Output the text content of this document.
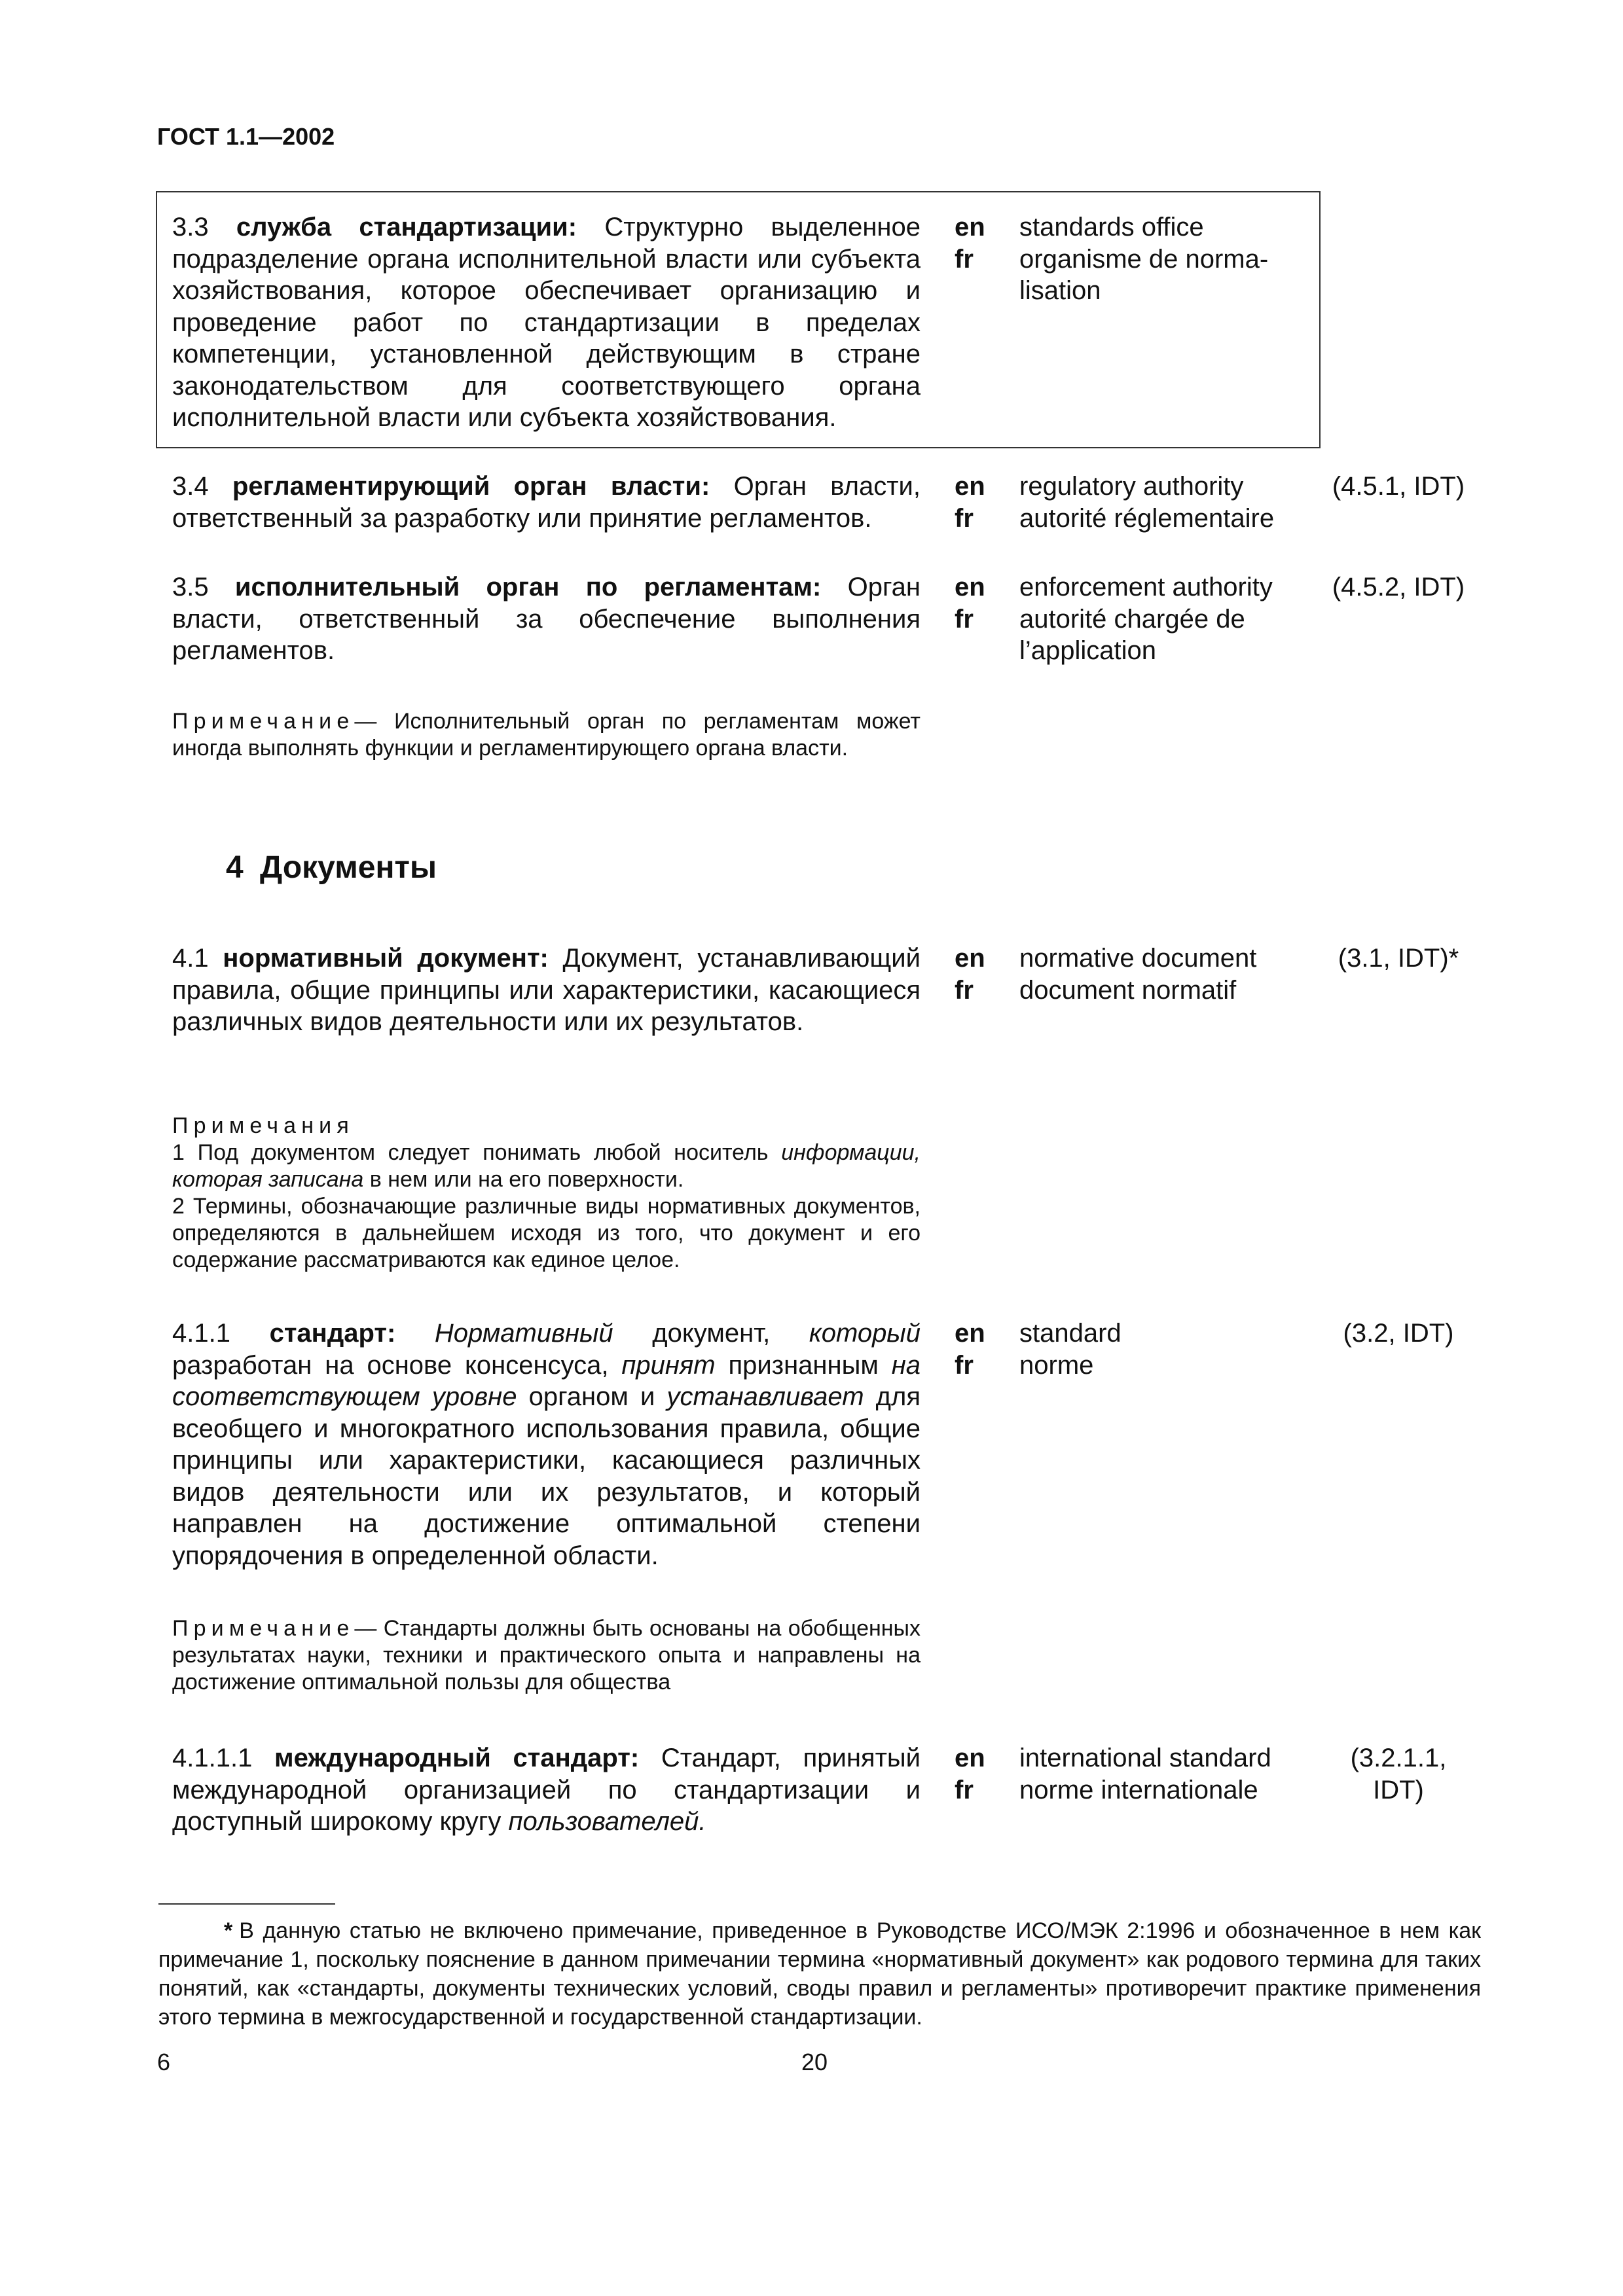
ГОСТ 1.1—2002
3.3 служба стандартизации: Структурно выделенное подразделение органа исполнительной власти или субъекта хозяйствования, которое обеспечивает организацию и проведение работ по стандартизации в пределах компетенции, установленной действующим в стране законодательством для соответствующего органа исполнительной власти или субъекта хозяйствования.
en
fr
standards office
organisme de norma-
lisation
3.4 регламентирующий орган власти: Орган власти, ответственный за разработку или принятие регламентов.
en
fr
regulatory authority
autorité réglementaire
(4.5.1, IDT)
3.5 исполнительный орган по регламентам: Орган власти, ответственный за обеспечение выполнения регламентов.
en
fr
enforcement authority
autorité chargée de
l’application
(4.5.2, IDT)
Примечание— Исполнительный орган по регламентам может иногда выполнять функции и регламентирующего органа власти.
4 Документы
4.1 нормативный документ: Документ, устанавливающий правила, общие принципы или характеристики, касающиеся различных видов деятельности или их результатов.
en
fr
normative document
document normatif
(3.1, IDT)*
Примечания
1 Под документом следует понимать любой носитель информации, которая записана в нем или на его поверхности.
2 Термины, обозначающие различные виды нормативных документов, определяются в дальнейшем исходя из того, что документ и его содержание рассматриваются как единое целое.
4.1.1 стандарт: Нормативный документ, который разработан на основе консенсуса, принят признанным на соответствующем уровне органом и устанавливает для всеобщего и многократного использования правила, общие принципы или характеристики, касающиеся различных видов деятельности или их результатов, и который направлен на достижение оптимальной степени упорядочения в определенной области.
en
fr
standard
norme
(3.2, IDT)
Примечание— Стандарты должны быть основаны на обобщенных результатах науки, техники и практического опыта и направлены на достижение оптимальной пользы для общества
4.1.1.1 международный стандарт: Стандарт, принятый международной организацией по стандартизации и доступный широкому кругу пользователей.
en
fr
international standard
norme internationale
(3.2.1.1,
IDT)
* В данную статью не включено примечание, приведенное в Руководстве ИСО/МЭК 2:1996 и обозначенное в нем как примечание 1, поскольку пояснение в данном примечании термина «нормативный документ» как родового термина для таких понятий, как «стандарты, документы технических условий, своды правил и регламенты» противоречит практике применения этого термина в межгосударственной и государственной стандартизации.
6	20
